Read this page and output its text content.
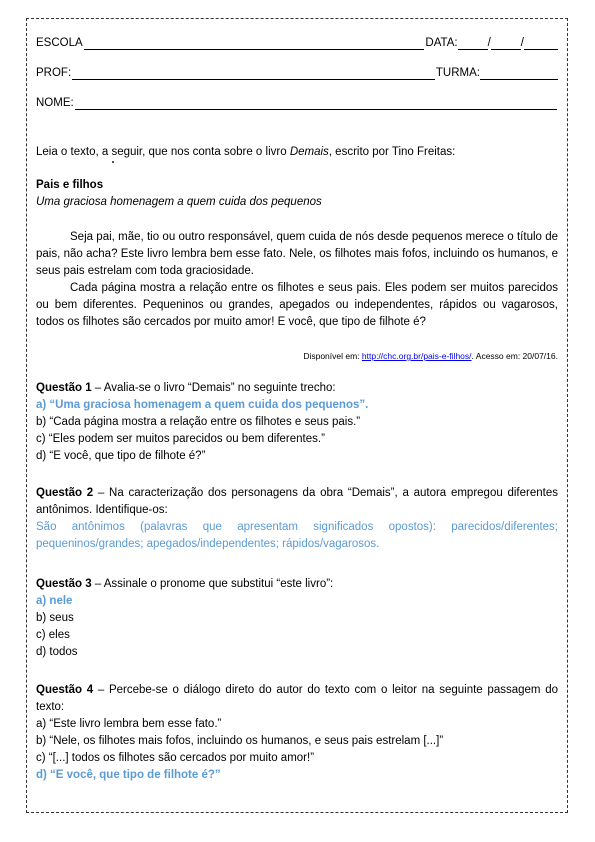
ESCOLA	DATA:	/	/
PROF:	TURMA:
NOME:
Leia o texto, a seguir, que nos conta sobre o livro Demais, escrito por Tino Freitas:
Pais e filhos
Uma graciosa homenagem a quem cuida dos pequenos

Seja pai, mãe, tio ou outro responsável, quem cuida de nós desde pequenos merece o título de pais, não acha? Este livro lembra bem esse fato. Nele, os filhotes mais fofos, incluindo os humanos, e seus pais estrelam com toda graciosidade.

Cada página mostra a relação entre os filhotes e seus pais. Eles podem ser muitos parecidos ou bem diferentes. Pequeninos ou grandes, apegados ou independentes, rápidos ou vagarosos, todos os filhotes são cercados por muito amor! E você, que tipo de filhote é?

Disponível em: http://chc.org.br/pais-e-filhos/. Acesso em: 20/07/16.

Questão 1 – Avalia-se o livro “Demais” no seguinte trecho:

a) “Uma graciosa homenagem a quem cuida dos pequenos”.

b) “Cada página mostra a relação entre os filhotes e seus pais.”

c) “Eles podem ser muitos parecidos ou bem diferentes.”

d) “E você, que tipo de filhote é?”

Questão 2 – Na caracterização dos personagens da obra “Demais”, a autora empregou diferentes antônimos. Identifique-os:

São antônimos (palavras que apresentam significados opostos): parecidos/diferentes; pequeninos/grandes; apegados/independentes; rápidos/vagarosos.

Questão 3 – Assinale o pronome que substitui “este livro”:

a) nele

b) seus

c) eles

d) todos

Questão 4 – Percebe-se o diálogo direto do autor do texto com o leitor na seguinte passagem do texto:

a) “Este livro lembra bem esse fato.”

b) “Nele, os filhotes mais fofos, incluindo os humanos, e seus pais estrelam [...]”

c) “[...] todos os filhotes são cercados por muito amor!”

d) “E você, que tipo de filhote é?”
